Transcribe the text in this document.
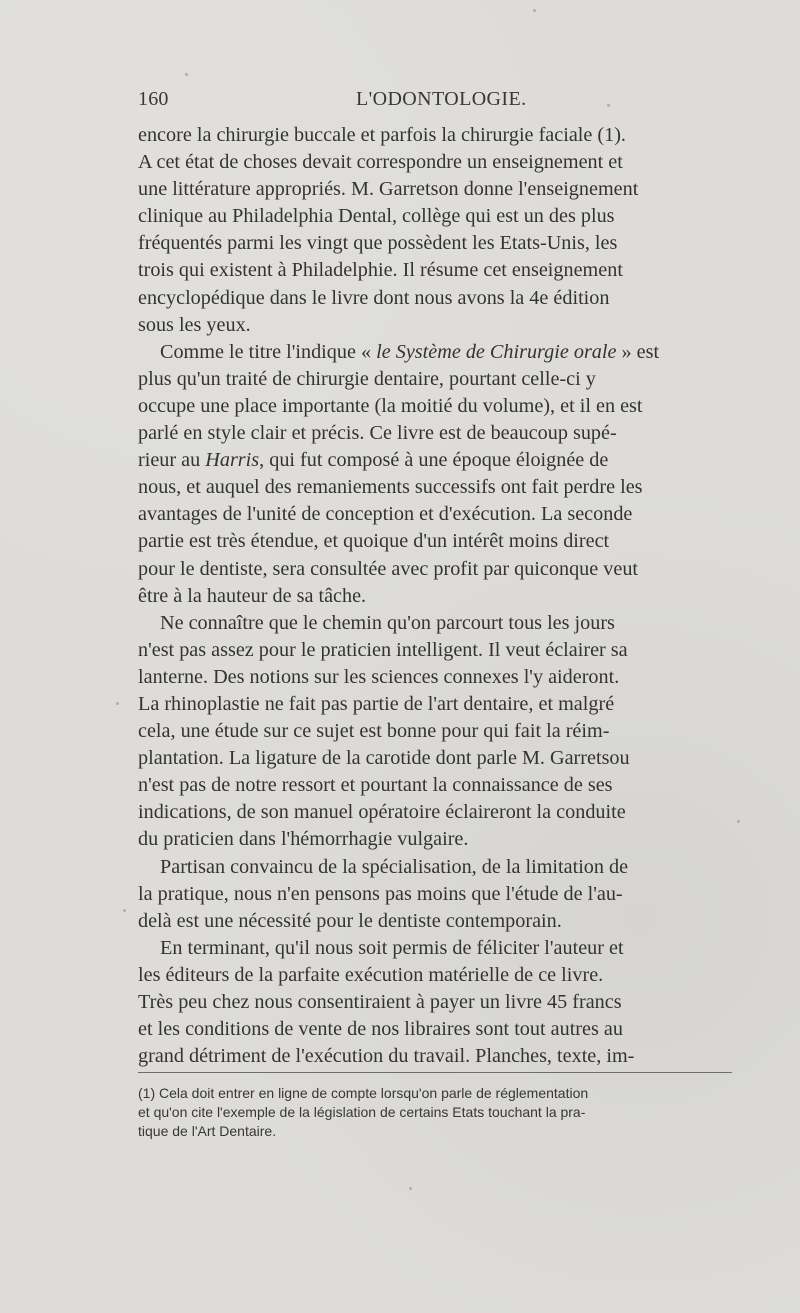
160	L'ODONTOLOGIE.

encore la chirurgie buccale et parfois la chirurgie faciale (1).
A cet état de choses devait correspondre un enseignement et
une littérature appropriés. M. Garretson donne l'enseignement
clinique au Philadelphia Dental, collège qui est un des plus
fréquentés parmi les vingt que possèdent les Etats-Unis, les
trois qui existent à Philadelphie. Il résume cet enseignement
encyclopédique dans le livre dont nous avons la 4e édition
sous les yeux.

Comme le titre l'indique « le Système de Chirurgie orale » est
plus qu'un traité de chirurgie dentaire, pourtant celle-ci y
occupe une place importante (la moitié du volume), et il en est
parlé en style clair et précis. Ce livre est de beaucoup supé-
rieur au Harris, qui fut composé à une époque éloignée de
nous, et auquel des remaniements successifs ont fait perdre les
avantages de l'unité de conception et d'exécution. La seconde
partie est très étendue, et quoique d'un intérêt moins direct
pour le dentiste, sera consultée avec profit par quiconque veut
être à la hauteur de sa tâche.

Ne connaître que le chemin qu'on parcourt tous les jours
n'est pas assez pour le praticien intelligent. Il veut éclairer sa
lanterne. Des notions sur les sciences connexes l'y aideront.
La rhinoplastie ne fait pas partie de l'art dentaire, et malgré
cela, une étude sur ce sujet est bonne pour qui fait la réim-
plantation. La ligature de la carotide dont parle M. Garretsou
n'est pas de notre ressort et pourtant la connaissance de ses
indications, de son manuel opératoire éclaireront la conduite
du praticien dans l'hémorrhagie vulgaire.

Partisan convaincu de la spécialisation, de la limitation de
la pratique, nous n'en pensons pas moins que l'étude de l'au-
delà est une nécessité pour le dentiste contemporain.

En terminant, qu'il nous soit permis de féliciter l'auteur et
les éditeurs de la parfaite exécution matérielle de ce livre.
Très peu chez nous consentiraient à payer un livre 45 francs
et les conditions de vente de nos libraires sont tout autres au
grand détriment de l'exécution du travail. Planches, texte, im-

(1) Cela doit entrer en ligne de compte lorsqu'on parle de réglementation
et qu'on cite l'exemple de la législation de certains Etats touchant la pra-
tique de l'Art Dentaire.
